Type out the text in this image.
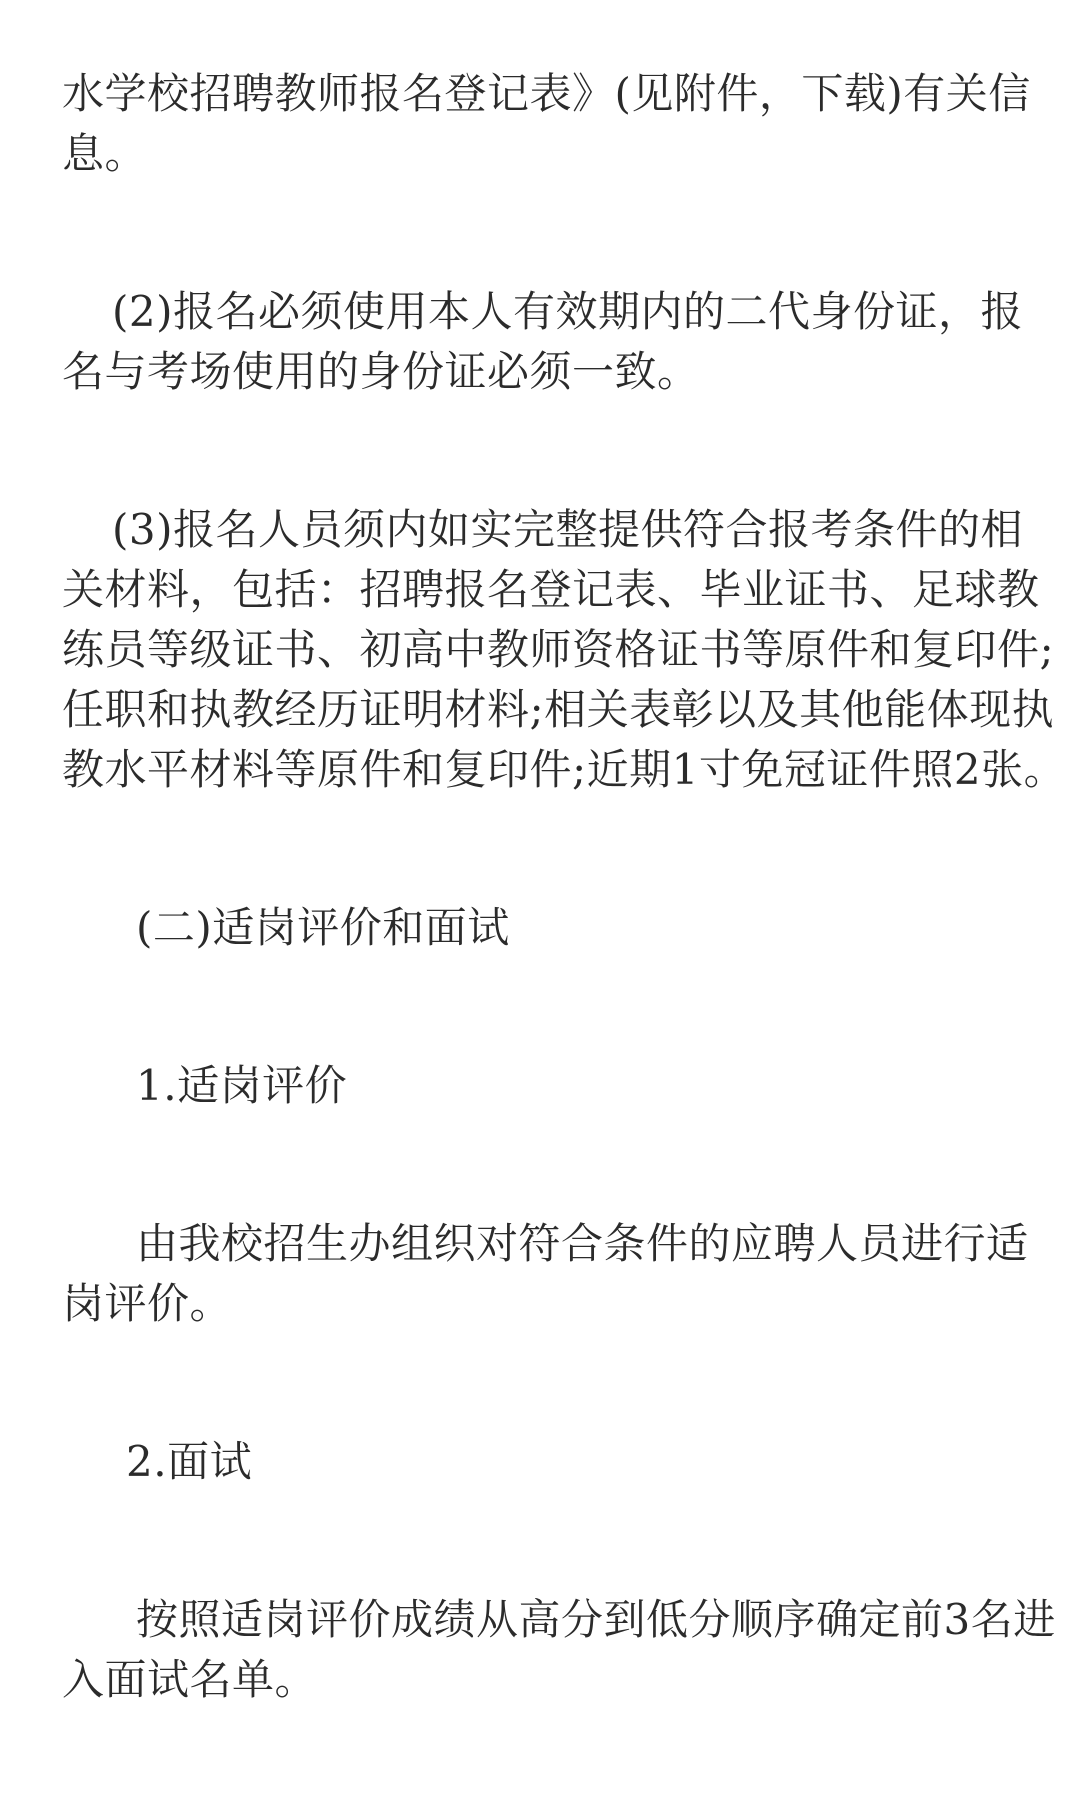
水学校招聘教师报名登记表》(见附件，下载)有关信

息。

(2)报名必须使用本人有效期内的二代身份证，报

名与考场使用的身份证必须一致。

(3)报名人员须内如实完整提供符合报考条件的相

关材料，包括：招聘报名登记表、毕业证书、足球教

练员等级证书、初高中教师资格证书等原件和复印件;

任职和执教经历证明材料;相关表彰以及其他能体现执

教水平材料等原件和复印件;近期1寸免冠证件照2张。

(二)适岗评价和面试

1.适岗评价

由我校招生办组织对符合条件的应聘人员进行适

岗评价。

2.面试

按照适岗评价成绩从高分到低分顺序确定前3名进

入面试名单。
